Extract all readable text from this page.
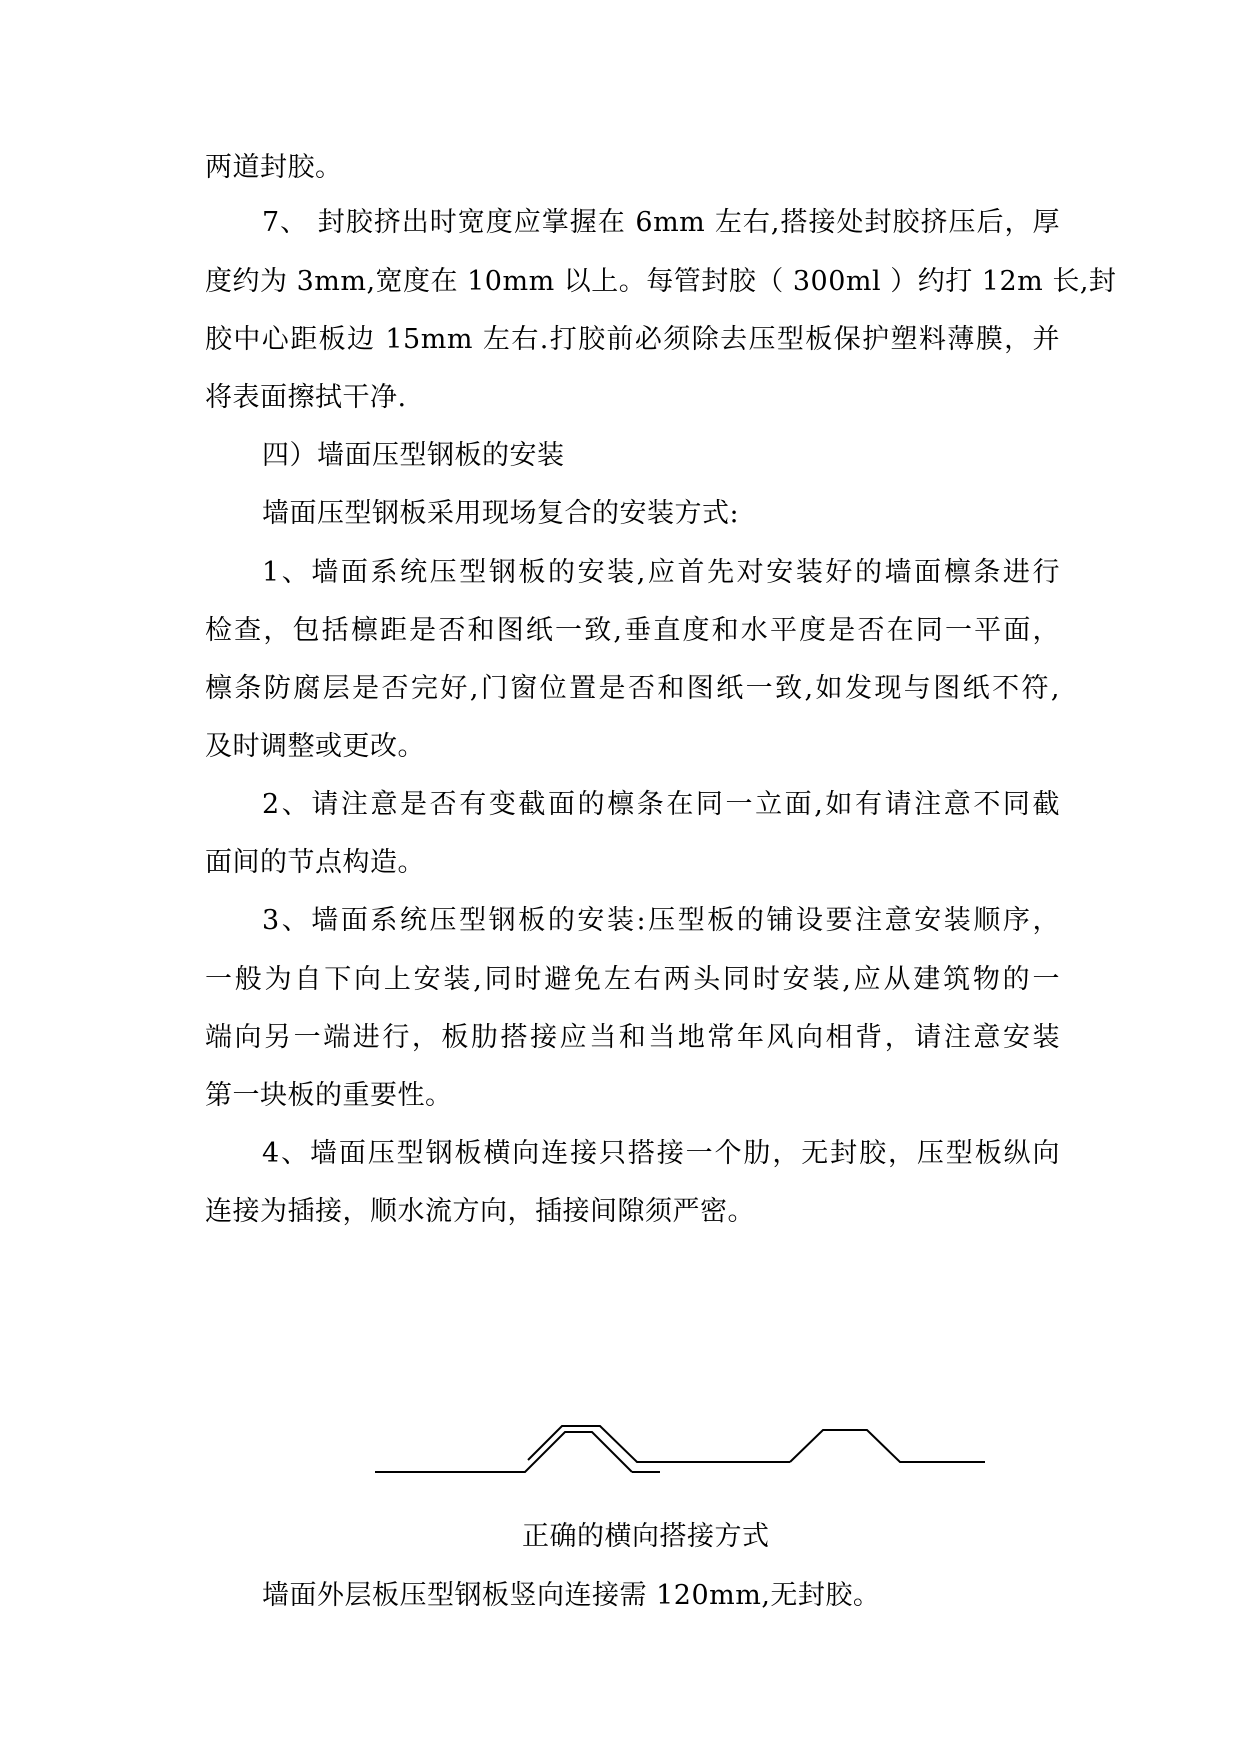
两道封胶。
7、 封胶挤出时宽度应掌握在 6mm 左右,搭接处封胶挤压后，厚
度约为 3mm,宽度在 10mm 以上。每管封胶（ 300ml ）约打 12m 长,封
胶中心距板边 15mm 左右.打胶前必须除去压型板保护塑料薄膜，并
将表面擦拭干净.
四）墙面压型钢板的安装
墙面压型钢板采用现场复合的安装方式:
1、墙面系统压型钢板的安装,应首先对安装好的墙面檩条进行
检查，包括檩距是否和图纸一致,垂直度和水平度是否在同一平面，
檩条防腐层是否完好,门窗位置是否和图纸一致,如发现与图纸不符,
及时调整或更改。
2、请注意是否有变截面的檩条在同一立面,如有请注意不同截
面间的节点构造。
3、墙面系统压型钢板的安装:压型板的铺设要注意安装顺序，
一般为自下向上安装,同时避免左右两头同时安装,应从建筑物的一
端向另一端进行，板肋搭接应当和当地常年风向相背，请注意安装
第一块板的重要性。
4、墙面压型钢板横向连接只搭接一个肋，无封胶，压型板纵向
连接为插接，顺水流方向，插接间隙须严密。
正确的横向搭接方式
墙面外层板压型钢板竖向连接需 120mm,无封胶。
